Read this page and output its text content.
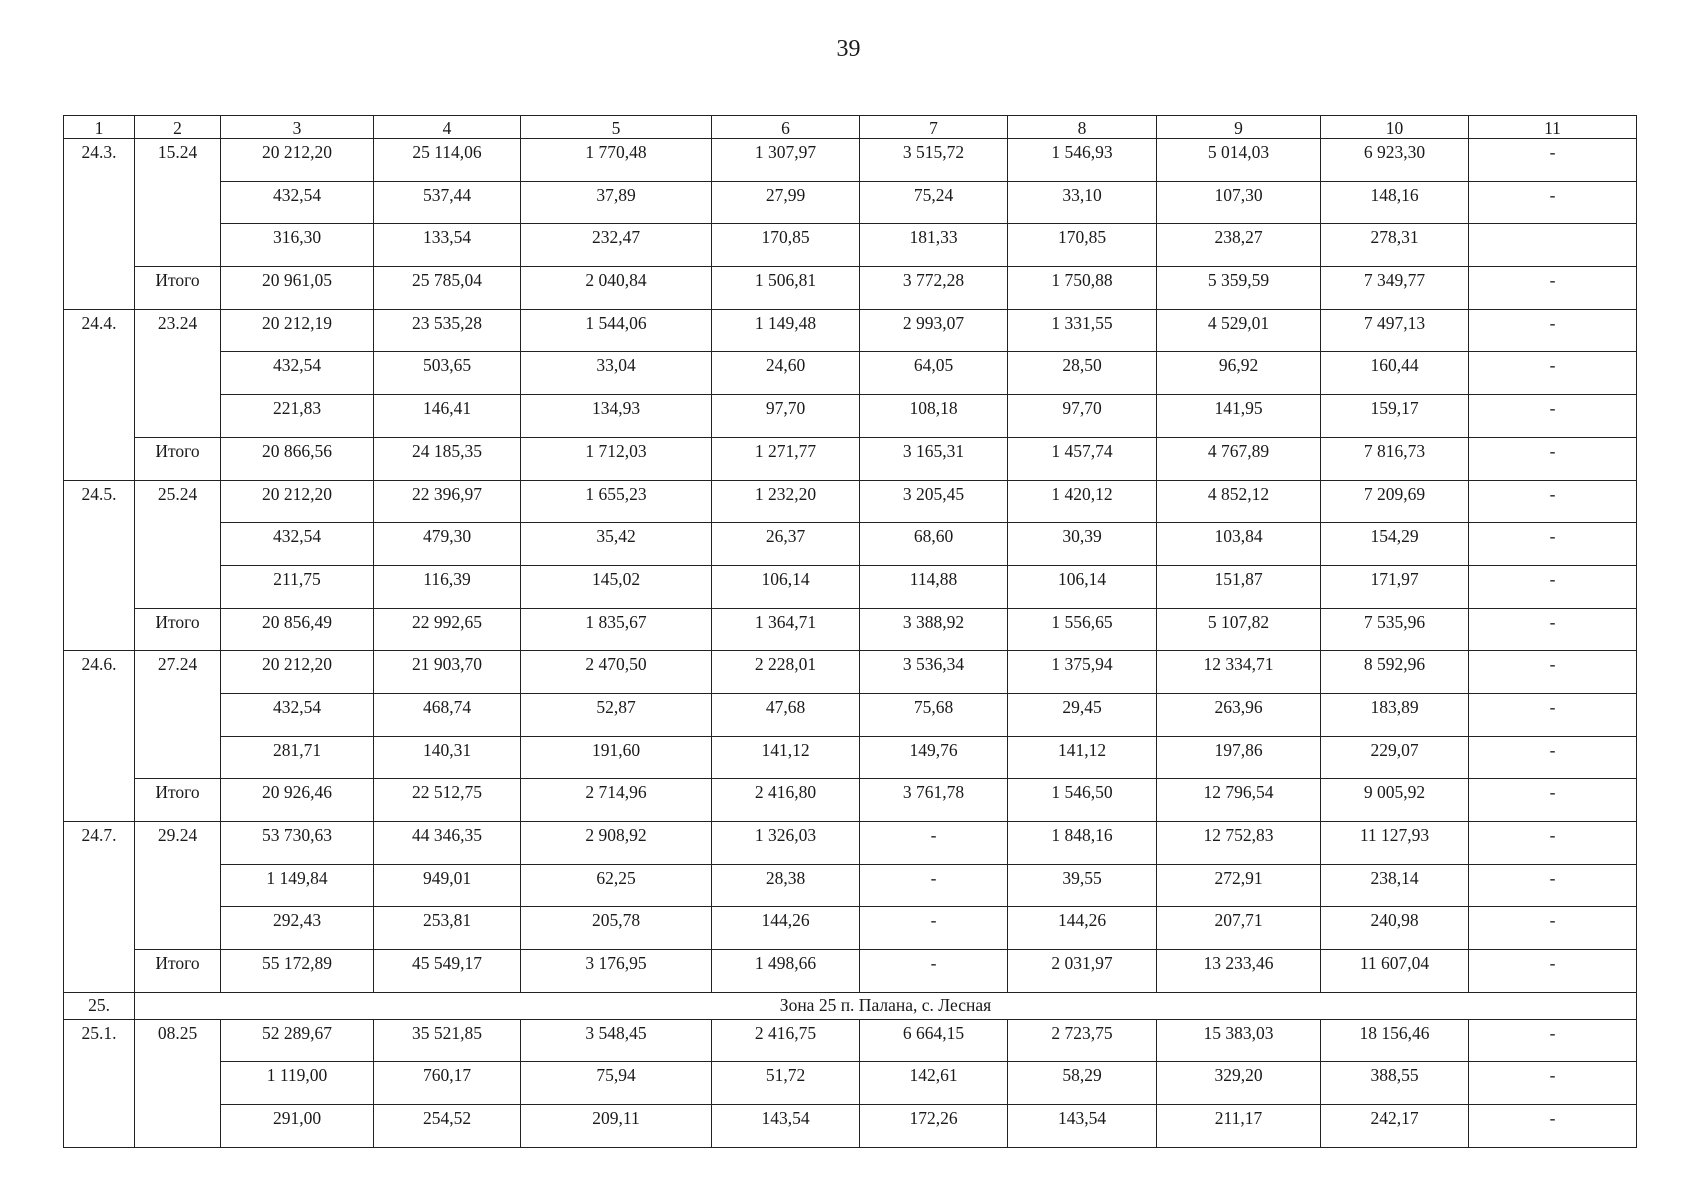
39
1	2	3	4	5	6	7	8	9	10	11
24.3.	15.24	20 212,20	25 114,06	1 770,48	1 307,97	3 515,72	1 546,93	5 014,03	6 923,30	-
		432,54	537,44	37,89	27,99	75,24	33,10	107,30	148,16	-
		316,30	133,54	232,47	170,85	181,33	170,85	238,27	278,31	
	Итого	20 961,05	25 785,04	2 040,84	1 506,81	3 772,28	1 750,88	5 359,59	7 349,77	-
24.4.	23.24	20 212,19	23 535,28	1 544,06	1 149,48	2 993,07	1 331,55	4 529,01	7 497,13	-
		432,54	503,65	33,04	24,60	64,05	28,50	96,92	160,44	-
		221,83	146,41	134,93	97,70	108,18	97,70	141,95	159,17	-
	Итого	20 866,56	24 185,35	1 712,03	1 271,77	3 165,31	1 457,74	4 767,89	7 816,73	-
24.5.	25.24	20 212,20	22 396,97	1 655,23	1 232,20	3 205,45	1 420,12	4 852,12	7 209,69	-
		432,54	479,30	35,42	26,37	68,60	30,39	103,84	154,29	-
		211,75	116,39	145,02	106,14	114,88	106,14	151,87	171,97	-
	Итого	20 856,49	22 992,65	1 835,67	1 364,71	3 388,92	1 556,65	5 107,82	7 535,96	-
24.6.	27.24	20 212,20	21 903,70	2 470,50	2 228,01	3 536,34	1 375,94	12 334,71	8 592,96	-
		432,54	468,74	52,87	47,68	75,68	29,45	263,96	183,89	-
		281,71	140,31	191,60	141,12	149,76	141,12	197,86	229,07	-
	Итого	20 926,46	22 512,75	2 714,96	2 416,80	3 761,78	1 546,50	12 796,54	9 005,92	-
24.7.	29.24	53 730,63	44 346,35	2 908,92	1 326,03	-	1 848,16	12 752,83	11 127,93	-
		1 149,84	949,01	62,25	28,38	-	39,55	272,91	238,14	-
		292,43	253,81	205,78	144,26	-	144,26	207,71	240,98	-
	Итого	55 172,89	45 549,17	3 176,95	1 498,66	-	2 031,97	13 233,46	11 607,04	-
25.	Зона 25 п. Палана, с. Лесная									
25.1.	08.25	52 289,67	35 521,85	3 548,45	2 416,75	6 664,15	2 723,75	15 383,03	18 156,46	-
		1 119,00	760,17	75,94	51,72	142,61	58,29	329,20	388,55	-
		291,00	254,52	209,11	143,54	172,26	143,54	211,17	242,17	-
